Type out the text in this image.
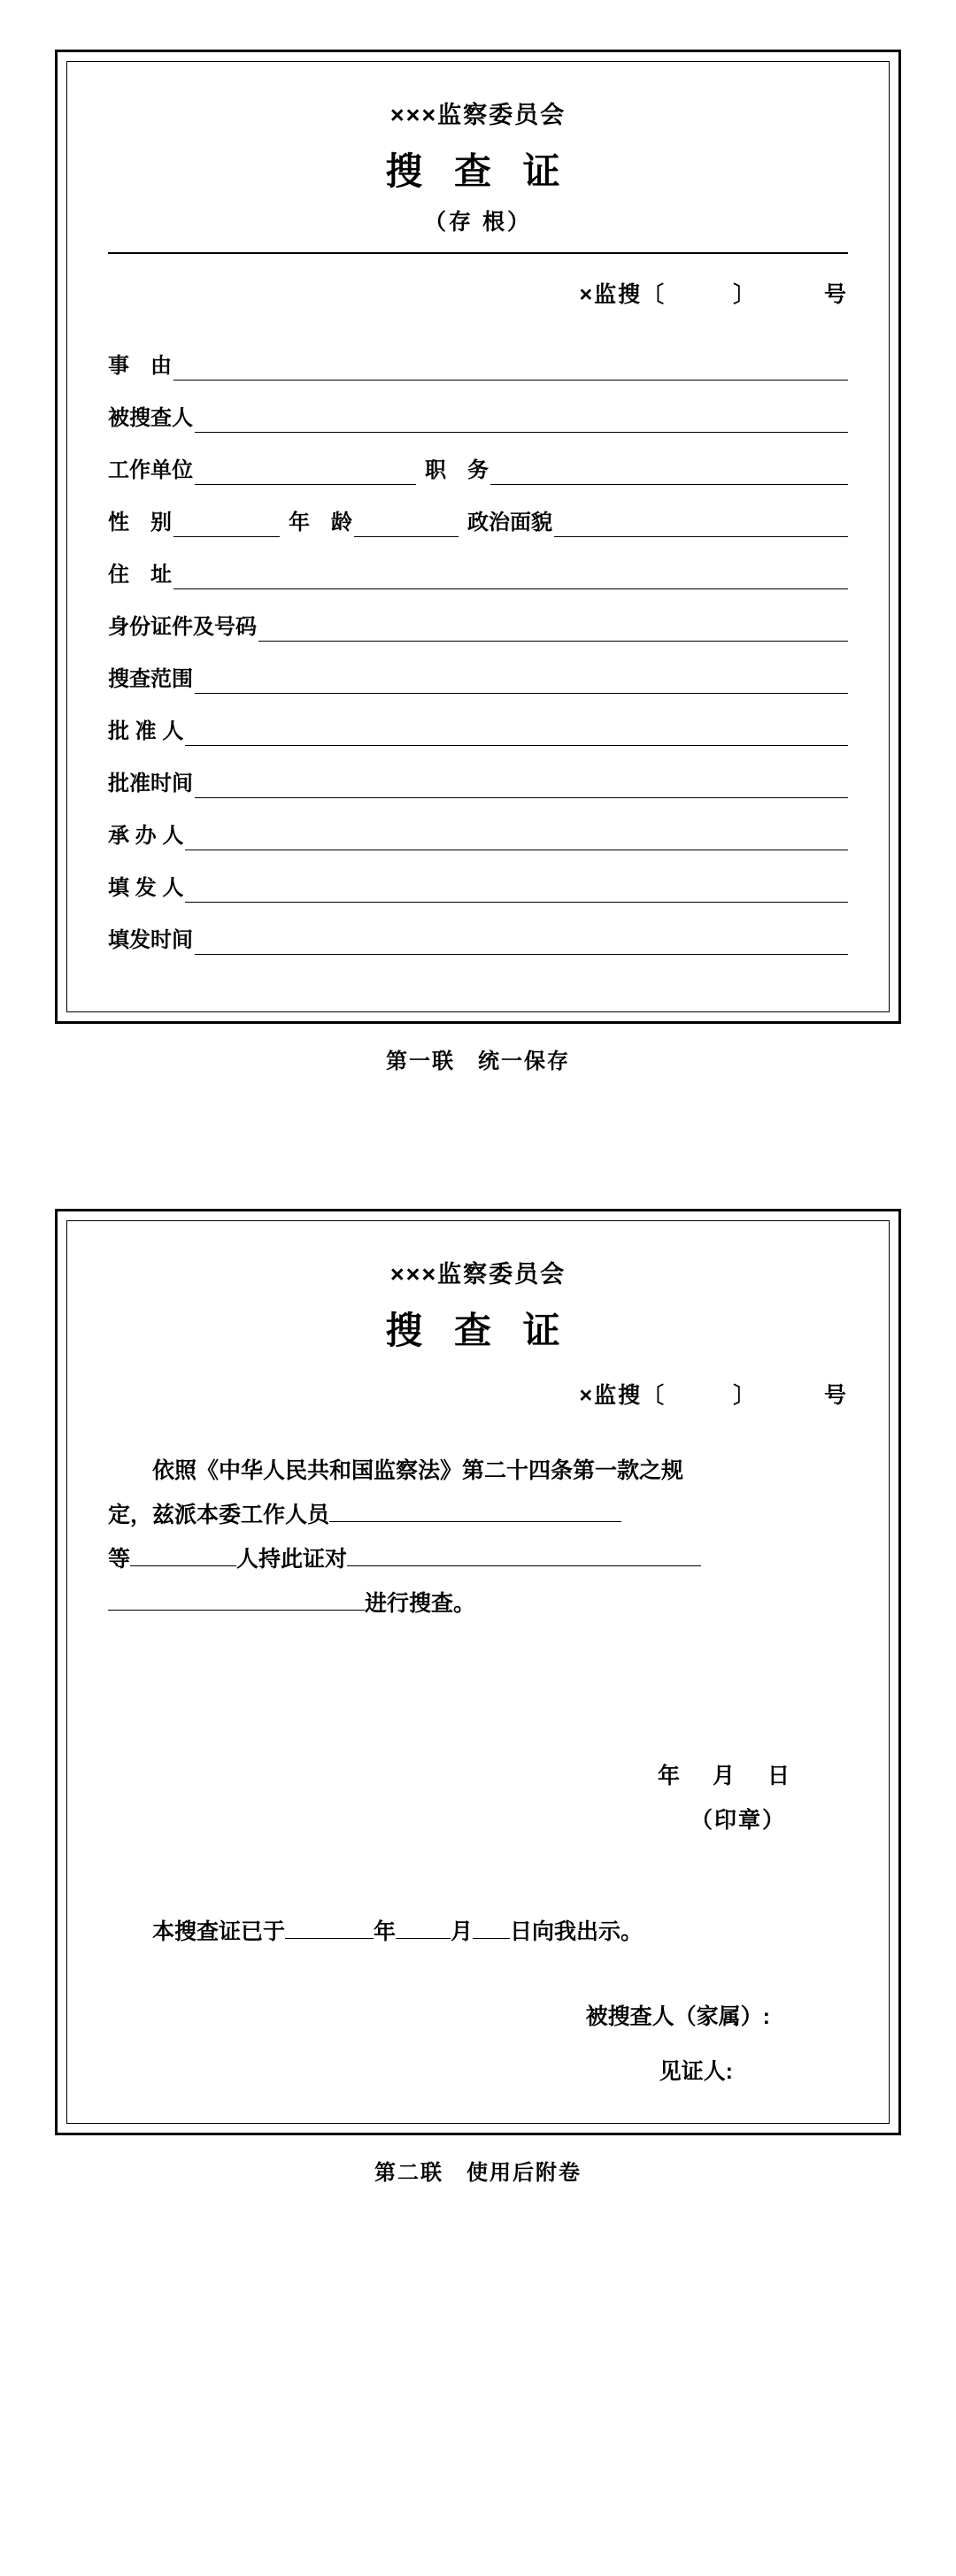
×××监察委员会
搜 查 证
（存 根）
×监搜〔	〕	号
事　由
被搜查人
工作单位	职　务
性　别	年　龄	政治面貌
住　址
身份证件及号码
搜查范围
批 准 人
批准时间
承 办 人
填 发 人
填发时间
第一联　统一保存
×××监察委员会
搜 查 证
×监搜〔	〕	号
依照《中华人民共和国监察法》第二十四条第一款之规
定，兹派本委工作人员
等	人持此证对
进行搜查。
年　月　日
（印章）
本搜查证已于	年 月 日向我出示。
被搜查人（家属）:
见证人:
第二联　使用后附卷
